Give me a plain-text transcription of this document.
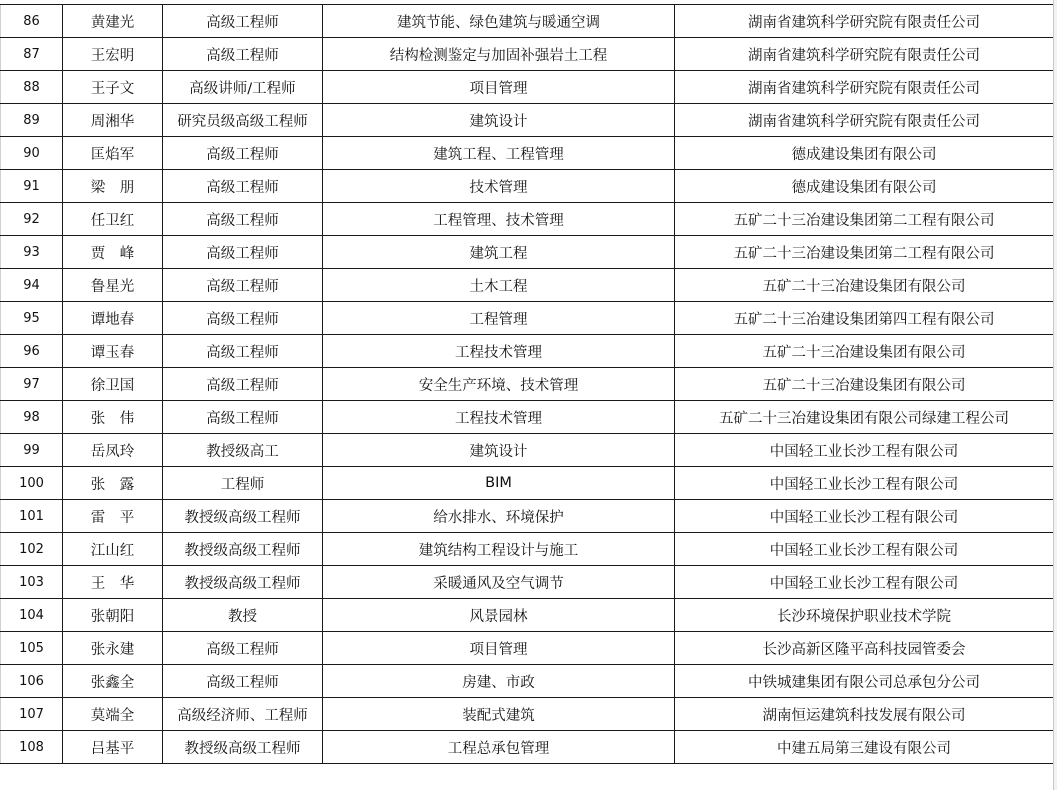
86	黄建光	高级工程师	建筑节能、绿色建筑与暖通空调	湖南省建筑科学研究院有限责任公司
87	王宏明	高级工程师	结构检测鉴定与加固补强岩土工程	湖南省建筑科学研究院有限责任公司
88	王子文	高级讲师/工程师	项目管理	湖南省建筑科学研究院有限责任公司
89	周湘华	研究员级高级工程师	建筑设计	湖南省建筑科学研究院有限责任公司
90	匡焰军	高级工程师	建筑工程、工程管理	德成建设集团有限公司
91	梁　朋	高级工程师	技术管理	德成建设集团有限公司
92	任卫红	高级工程师	工程管理、技术管理	五矿二十三冶建设集团第二工程有限公司
93	贾　峰	高级工程师	建筑工程	五矿二十三冶建设集团第二工程有限公司
94	鲁星光	高级工程师	土木工程	五矿二十三冶建设集团有限公司
95	谭地春	高级工程师	工程管理	五矿二十三冶建设集团第四工程有限公司
96	谭玉春	高级工程师	工程技术管理	五矿二十三冶建设集团有限公司
97	徐卫国	高级工程师	安全生产环境、技术管理	五矿二十三冶建设集团有限公司
98	张　伟	高级工程师	工程技术管理	五矿二十三冶建设集团有限公司绿建工程公司
99	岳凤玲	教授级高工	建筑设计	中国轻工业长沙工程有限公司
100	张　露	工程师	BIM	中国轻工业长沙工程有限公司
101	雷　平	教授级高级工程师	给水排水、环境保护	中国轻工业长沙工程有限公司
102	江山红	教授级高级工程师	建筑结构工程设计与施工	中国轻工业长沙工程有限公司
103	王　华	教授级高级工程师	采暖通风及空气调节	中国轻工业长沙工程有限公司
104	张朝阳	教授	风景园林	长沙环境保护职业技术学院
105	张永建	高级工程师	项目管理	长沙高新区隆平高科技园管委会
106	张鑫全	高级工程师	房建、市政	中铁城建集团有限公司总承包分公司
107	莫端全	高级经济师、工程师	装配式建筑	湖南恒运建筑科技发展有限公司
108	吕基平	教授级高级工程师	工程总承包管理	中建五局第三建设有限公司
